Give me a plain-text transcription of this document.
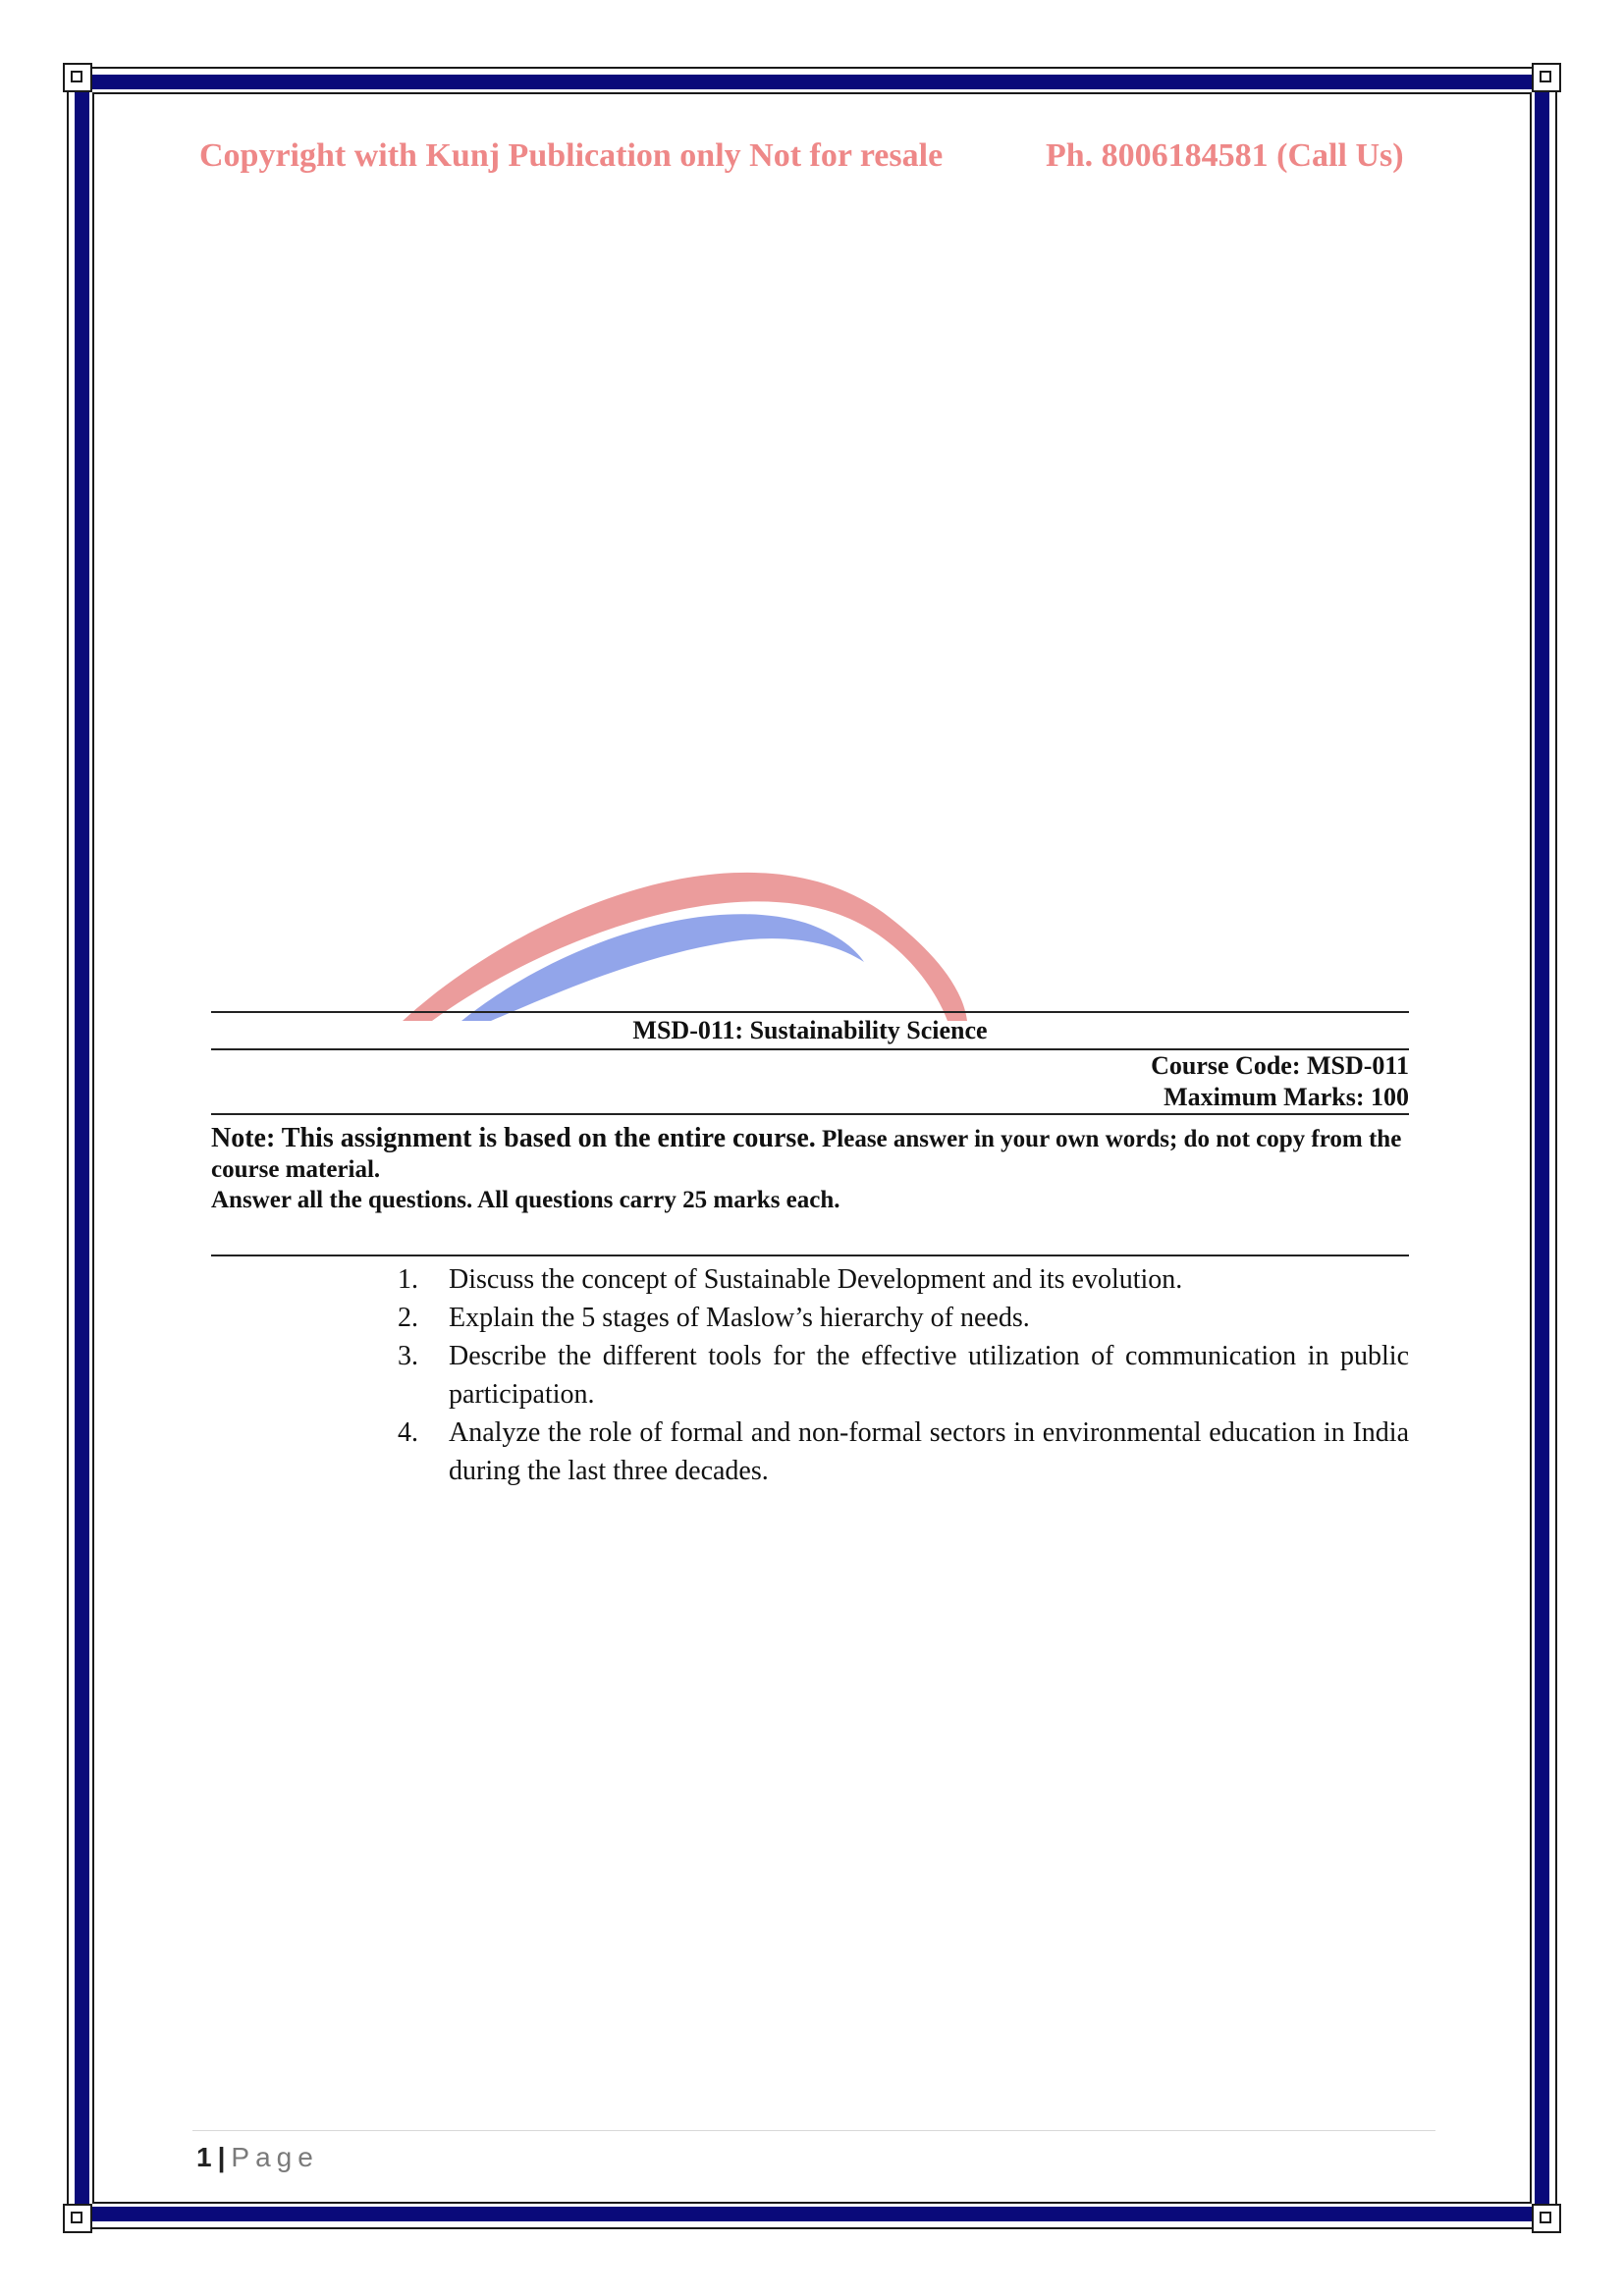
Copyright with Kunj Publication only Not for resale	Ph. 8006184581 (Call Us)
MSD-011: Sustainability Science
Course Code: MSD-011
Maximum Marks: 100
Note: This assignment is based on the entire course. Please answer in your own words; do not copy from the course material.
Answer all the questions. All questions carry 25 marks each.
1. Discuss the concept of Sustainable Development and its evolution.
2. Explain the 5 stages of Maslow’s hierarchy of needs.
3. Describe the different tools for the effective utilization of communication in public participation.
4. Analyze the role of formal and non-formal sectors in environmental education in India during the last three decades.
1 | Page
